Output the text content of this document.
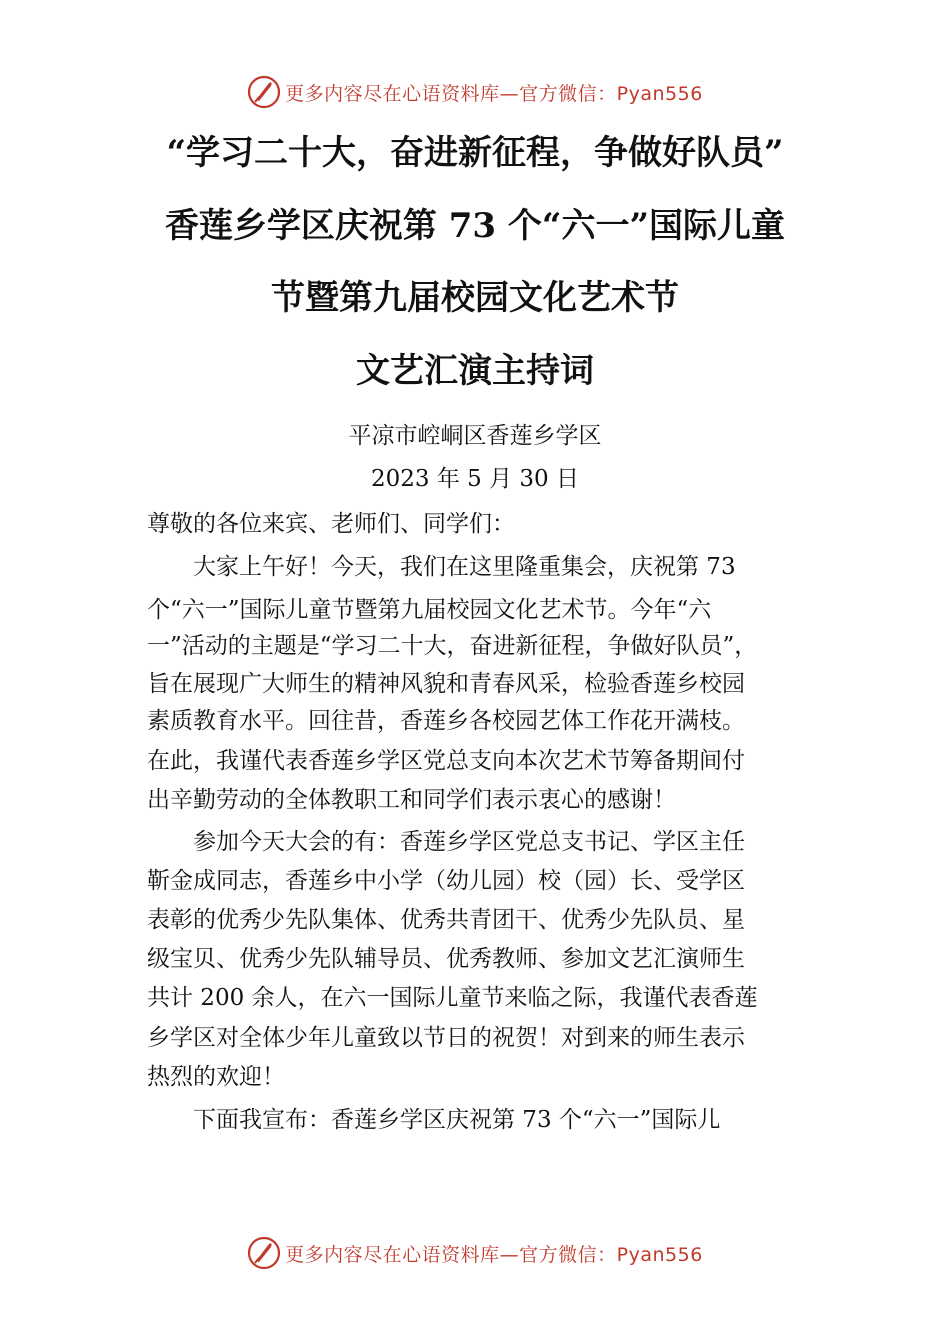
更多内容尽在心语资料库—官方微信：Pyan556
“学习二十大，奋进新征程，争做好队员”
香莲乡学区庆祝第 73 个“六一”国际儿童
节暨第九届校园文化艺术节
文艺汇演主持词
平凉市崆峒区香莲乡学区
2023 年 5 月 30 日
尊敬的各位来宾、老师们、同学们：
　　大家上午好！今天，我们在这里隆重集会，庆祝第 73
个“六一”国际儿童节暨第九届校园文化艺术节。今年“六
一”活动的主题是“学习二十大，奋进新征程，争做好队员”，
旨在展现广大师生的精神风貌和青春风采，检验香莲乡校园
素质教育水平。回往昔，香莲乡各校园艺体工作花开满枝。
在此，我谨代表香莲乡学区党总支向本次艺术节筹备期间付
出辛勤劳动的全体教职工和同学们表示衷心的感谢！
　　参加今天大会的有：香莲乡学区党总支书记、学区主任
靳金成同志，香莲乡中小学（幼儿园）校（园）长、受学区
表彰的优秀少先队集体、优秀共青团干、优秀少先队员、星
级宝贝、优秀少先队辅导员、优秀教师、参加文艺汇演师生
共计 200 余人，在六一国际儿童节来临之际，我谨代表香莲
乡学区对全体少年儿童致以节日的祝贺！对到来的师生表示
热烈的欢迎！
　　下面我宣布：香莲乡学区庆祝第 73 个“六一”国际儿
更多内容尽在心语资料库—官方微信：Pyan556
